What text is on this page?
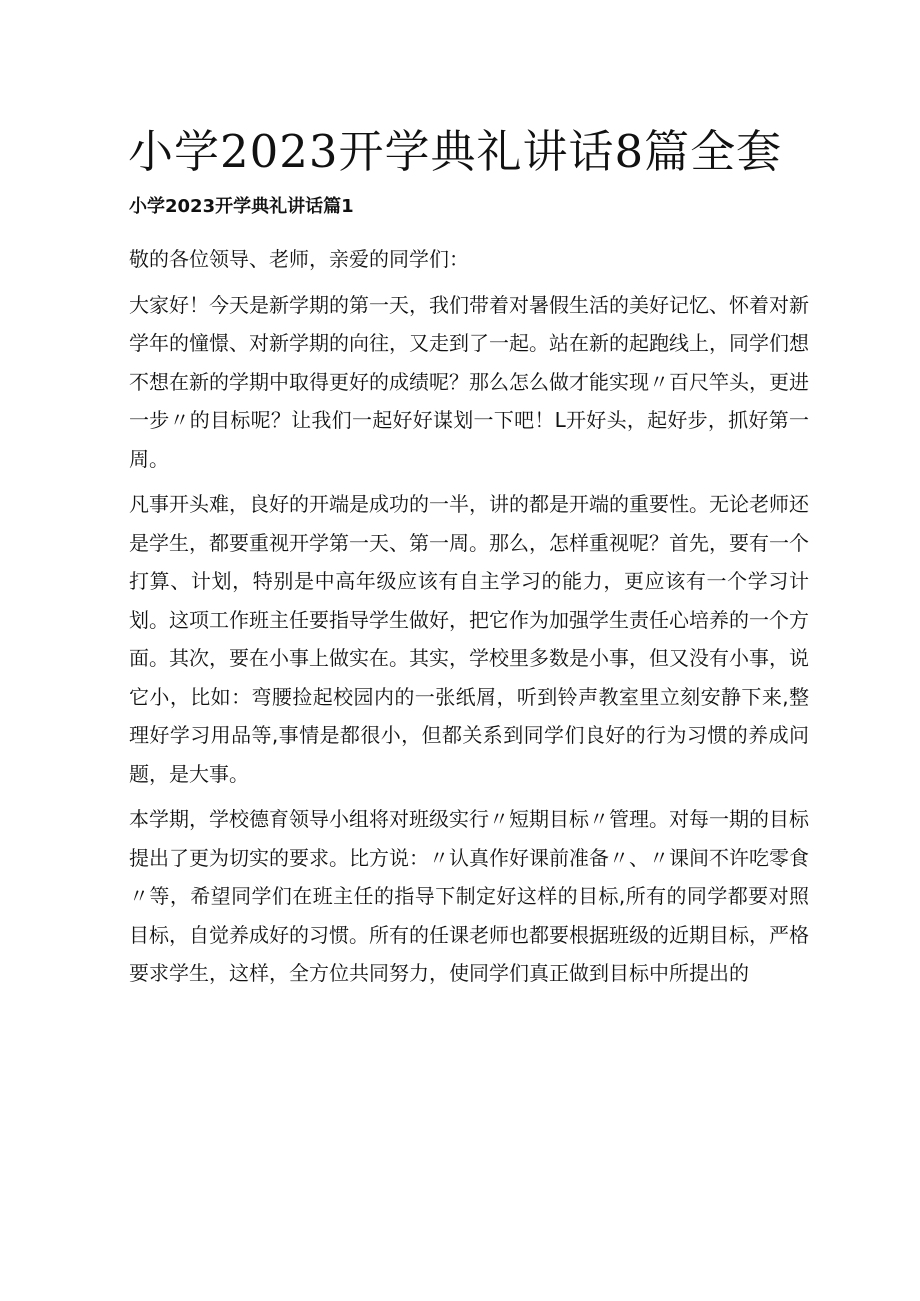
小学2023开学典礼讲话8篇全套
小学2023开学典礼讲话篇1

敬的各位领导、老师，亲爱的同学们：

大家好！今天是新学期的第一天，我们带着对暑假生活的美好记忆、怀着对新学年的憧憬、对新学期的向往，又走到了一起。站在新的起跑线上，同学们想不想在新的学期中取得更好的成绩呢？那么怎么做才能实现〃百尺竿头，更进一步〃的目标呢？让我们一起好好谋划一下吧！L开好头，起好步，抓好第一周。

凡事开头难，良好的开端是成功的一半，讲的都是开端的重要性。无论老师还是学生，都要重视开学第一天、第一周。那么，怎样重视呢？首先，要有一个打算、计划，特别是中高年级应该有自主学习的能力，更应该有一个学习计划。这项工作班主任要指导学生做好，把它作为加强学生责任心培养的一个方面。其次，要在小事上做实在。其实，学校里多数是小事，但又没有小事，说它小，比如：弯腰捡起校园内的一张纸屑，听到铃声教室里立刻安静下来,整理好学习用品等,事情是都很小，但都关系到同学们良好的行为习惯的养成问题，是大事。

本学期，学校德育领导小组将对班级实行〃短期目标〃管理。对每一期的目标提出了更为切实的要求。比方说：〃认真作好课前准备〃、〃课间不许吃零食〃等，希望同学们在班主任的指导下制定好这样的目标,所有的同学都要对照目标，自觉养成好的习惯。所有的任课老师也都要根据班级的近期目标，严格要求学生，这样，全方位共同努力，使同学们真正做到目标中所提出的
